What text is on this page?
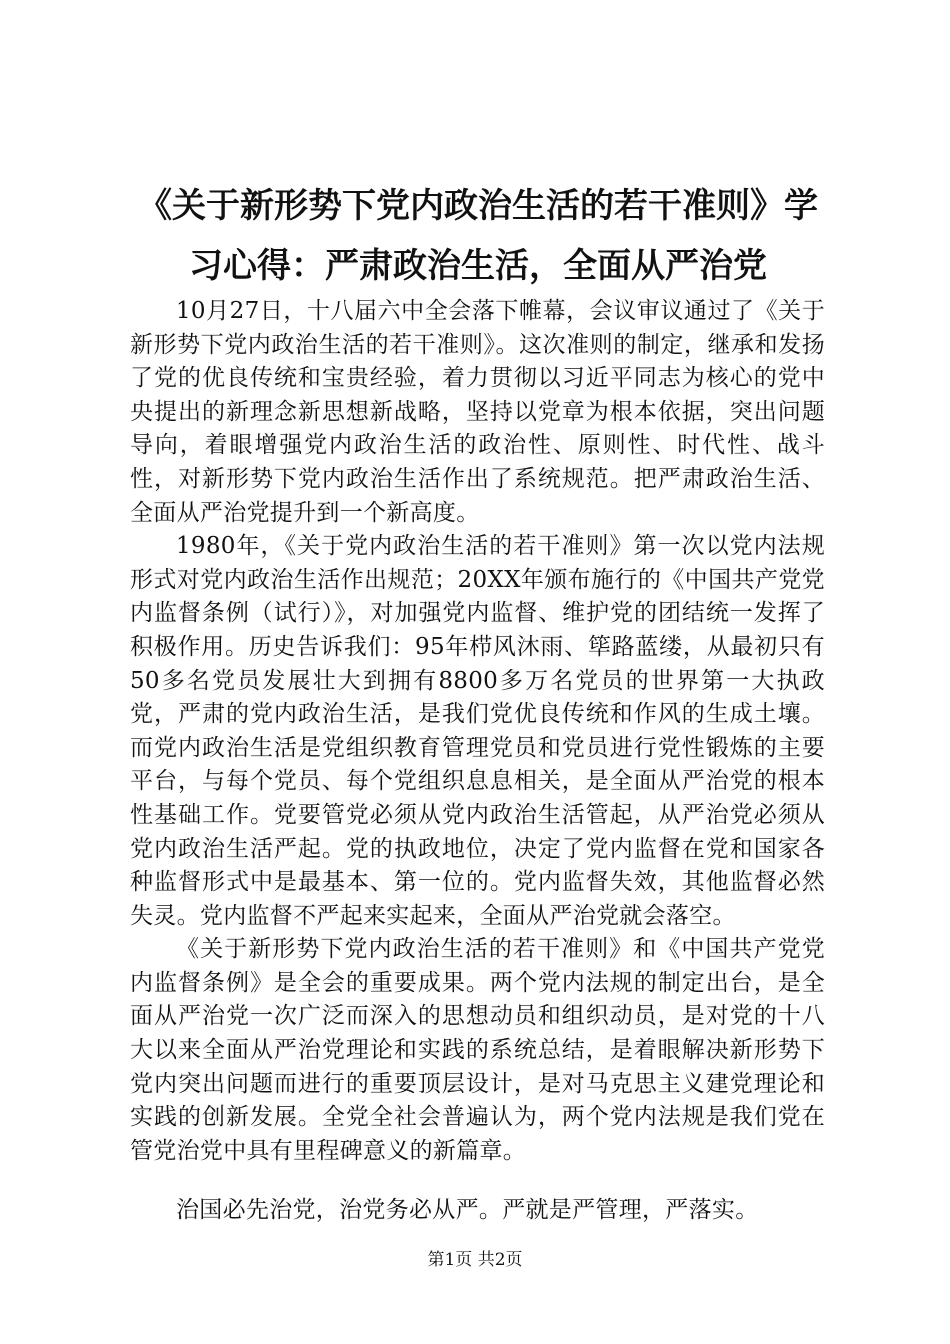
《关于新形势下党内政治生活的若干准则》学习心得：严肃政治生活，全面从严治党

10月27日，十八届六中全会落下帷幕，会议审议通过了《关于新形势下党内政治生活的若干准则》。这次准则的制定，继承和发扬了党的优良传统和宝贵经验，着力贯彻以习近平同志为核心的党中央提出的新理念新思想新战略，坚持以党章为根本依据，突出问题导向，着眼增强党内政治生活的政治性、原则性、时代性、战斗性，对新形势下党内政治生活作出了系统规范。把严肃政治生活、全面从严治党提升到一个新高度。

1980年，《关于党内政治生活的若干准则》第一次以党内法规形式对党内政治生活作出规范；20XX年颁布施行的《中国共产党党内监督条例（试行）》，对加强党内监督、维护党的团结统一发挥了积极作用。历史告诉我们：95年栉风沐雨、筚路蓝缕，从最初只有50多名党员发展壮大到拥有8800多万名党员的世界第一大执政党，严肃的党内政治生活，是我们党优良传统和作风的生成土壤。而党内政治生活是党组织教育管理党员和党员进行党性锻炼的主要平台，与每个党员、每个党组织息息相关，是全面从严治党的根本性基础工作。党要管党必须从党内政治生活管起，从严治党必须从党内政治生活严起。党的执政地位，决定了党内监督在党和国家各种监督形式中是最基本、第一位的。党内监督失效，其他监督必然失灵。党内监督不严起来实起来，全面从严治党就会落空。

《关于新形势下党内政治生活的若干准则》和《中国共产党党内监督条例》是全会的重要成果。两个党内法规的制定出台，是全面从严治党一次广泛而深入的思想动员和组织动员，是对党的十八大以来全面从严治党理论和实践的系统总结，是着眼解决新形势下党内突出问题而进行的重要顶层设计，是对马克思主义建党理论和实践的创新发展。全党全社会普遍认为，两个党内法规是我们党在管党治党中具有里程碑意义的新篇章。

治国必先治党，治党务必从严。严就是严管理，严落实。

第1页 共2页
